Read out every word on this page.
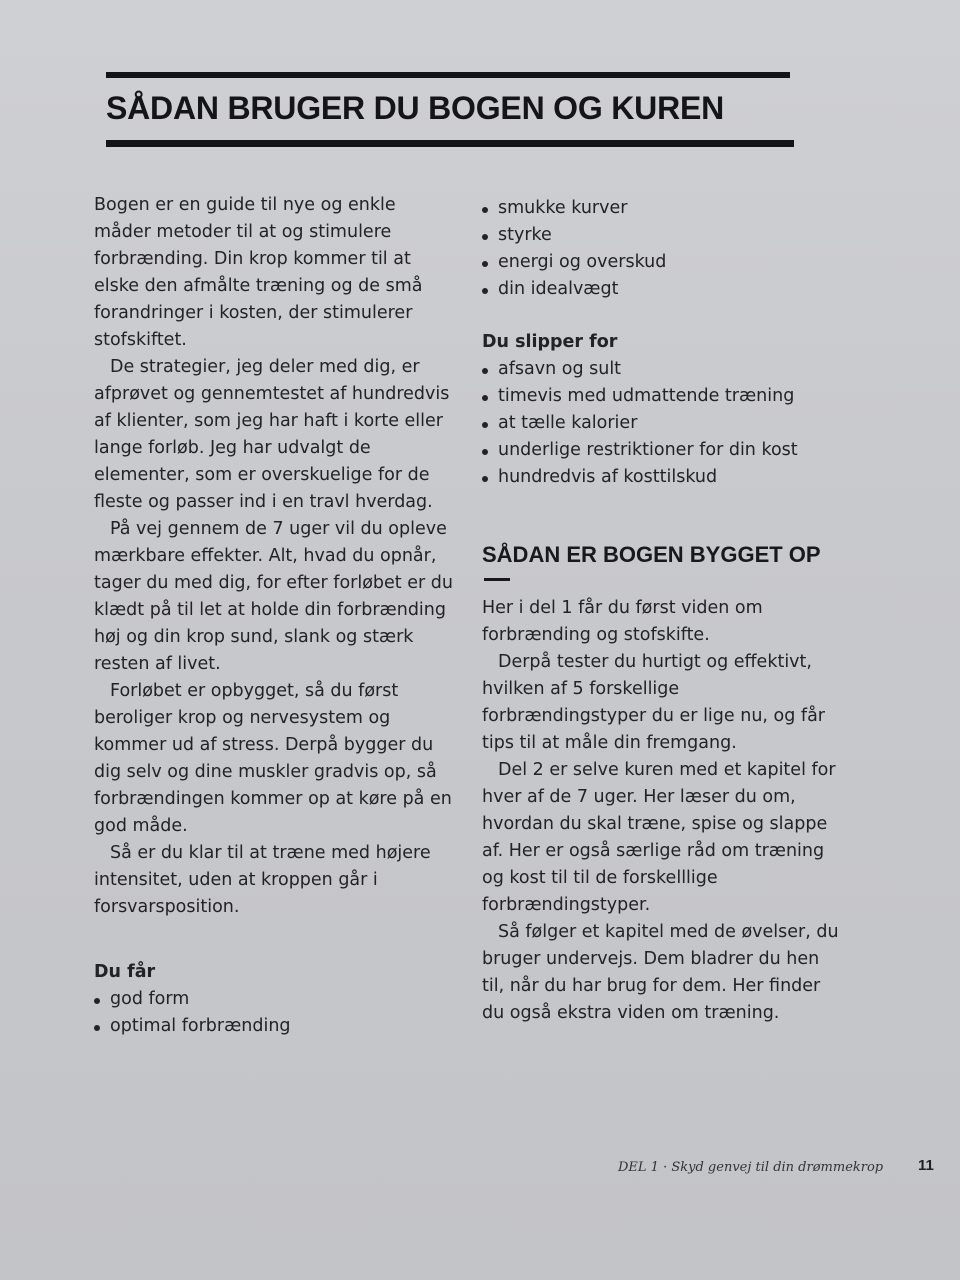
SÅDAN BRUGER DU BOGEN OG KUREN

Bogen er en guide til nye og enkle måder metoder til at og stimulere forbrænding. Din krop kommer til at elske den afmålte træning og de små forandringer i kosten, der stimulerer stofskiftet.

De strategier, jeg deler med dig, er afprøvet og gennemtestet af hundredvis af klienter, som jeg har haft i korte eller lange forløb. Jeg har udvalgt de elementer, som er overskuelige for de fleste og passer ind i en travl hverdag.

På vej gennem de 7 uger vil du opleve mærkbare effekter. Alt, hvad du opnår, tager du med dig, for efter forløbet er du klædt på til let at holde din forbrænding høj og din krop sund, slank og stærk resten af livet.

Forløbet er opbygget, så du først beroliger krop og nervesystem og kommer ud af stress. Derpå bygger du dig selv og dine muskler gradvis op, så forbrændingen kommer op at køre på en god måde.

Så er du klar til at træne med højere intensitet, uden at kroppen går i forsvarsposition.

Du får

god form
optimal forbrænding
smukke kurver
styrke
energi og overskud
din idealvægt

Du slipper for

afsavn og sult
timevis med udmattende træning
at tælle kalorier
underlige restriktioner for din kost
hundredvis af kosttilskud

SÅDAN ER BOGEN BYGGET OP

Her i del 1 får du først viden om forbrænding og stofskifte.

Derpå tester du hurtigt og effektivt, hvilken af 5 forskellige forbrændingstyper du er lige nu, og får tips til at måle din fremgang.

Del 2 er selve kuren med et kapitel for hver af de 7 uger. Her læser du om, hvordan du skal træne, spise og slappe af. Her er også særlige råd om træning og kost til til de forskelllige forbrændingstyper.

Så følger et kapitel med de øvelser, du bruger undervejs. Dem bladrer du hen til, når du har brug for dem. Her finder du også ekstra viden om træning.

DEL 1 · Skyd genvej til din drømmekrop 11
